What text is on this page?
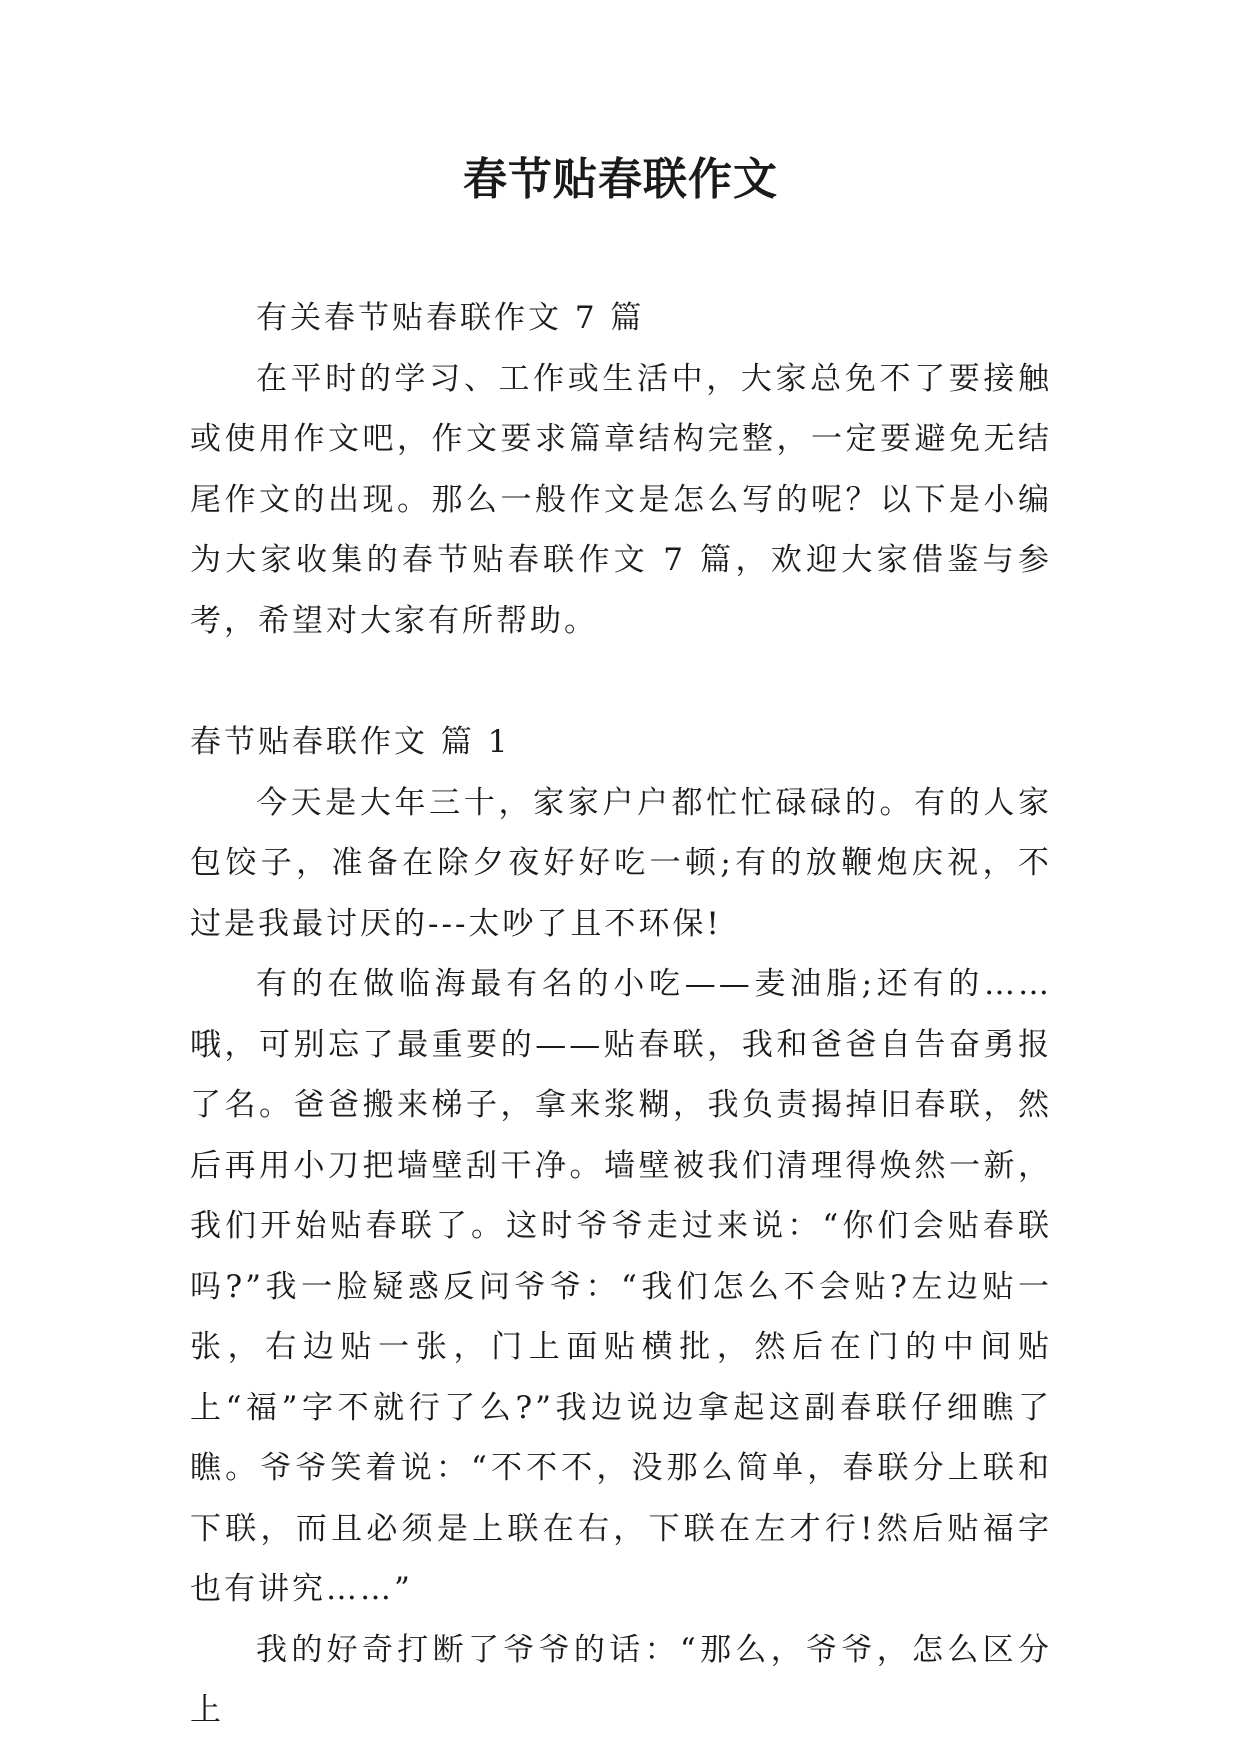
春节贴春联作文

有关春节贴春联作文 7 篇

在平时的学习、工作或生活中，大家总免不了要接触或使用作文吧，作文要求篇章结构完整，一定要避免无结尾作文的出现。那么一般作文是怎么写的呢？以下是小编为大家收集的春节贴春联作文 7 篇，欢迎大家借鉴与参考，希望对大家有所帮助。

春节贴春联作文 篇 1

今天是大年三十，家家户户都忙忙碌碌的。有的人家包饺子，准备在除夕夜好好吃一顿;有的放鞭炮庆祝，不过是我最讨厌的---太吵了且不环保!

有的在做临海最有名的小吃——麦油脂;还有的……哦，可别忘了最重要的——贴春联，我和爸爸自告奋勇报了名。爸爸搬来梯子，拿来浆糊，我负责揭掉旧春联，然后再用小刀把墙壁刮干净。墙壁被我们清理得焕然一新，我们开始贴春联了。这时爷爷走过来说：“你们会贴春联吗?”我一脸疑惑反问爷爷：“我们怎么不会贴?左边贴一张，右边贴一张，门上面贴横批，然后在门的中间贴上“福”字不就行了么?”我边说边拿起这副春联仔细瞧了瞧。爷爷笑着说：“不不不，没那么简单，春联分上联和下联，而且必须是上联在右，下联在左才行!然后贴福字也有讲究……”

我的好奇打断了爷爷的话：“那么，爷爷，怎么区分上
